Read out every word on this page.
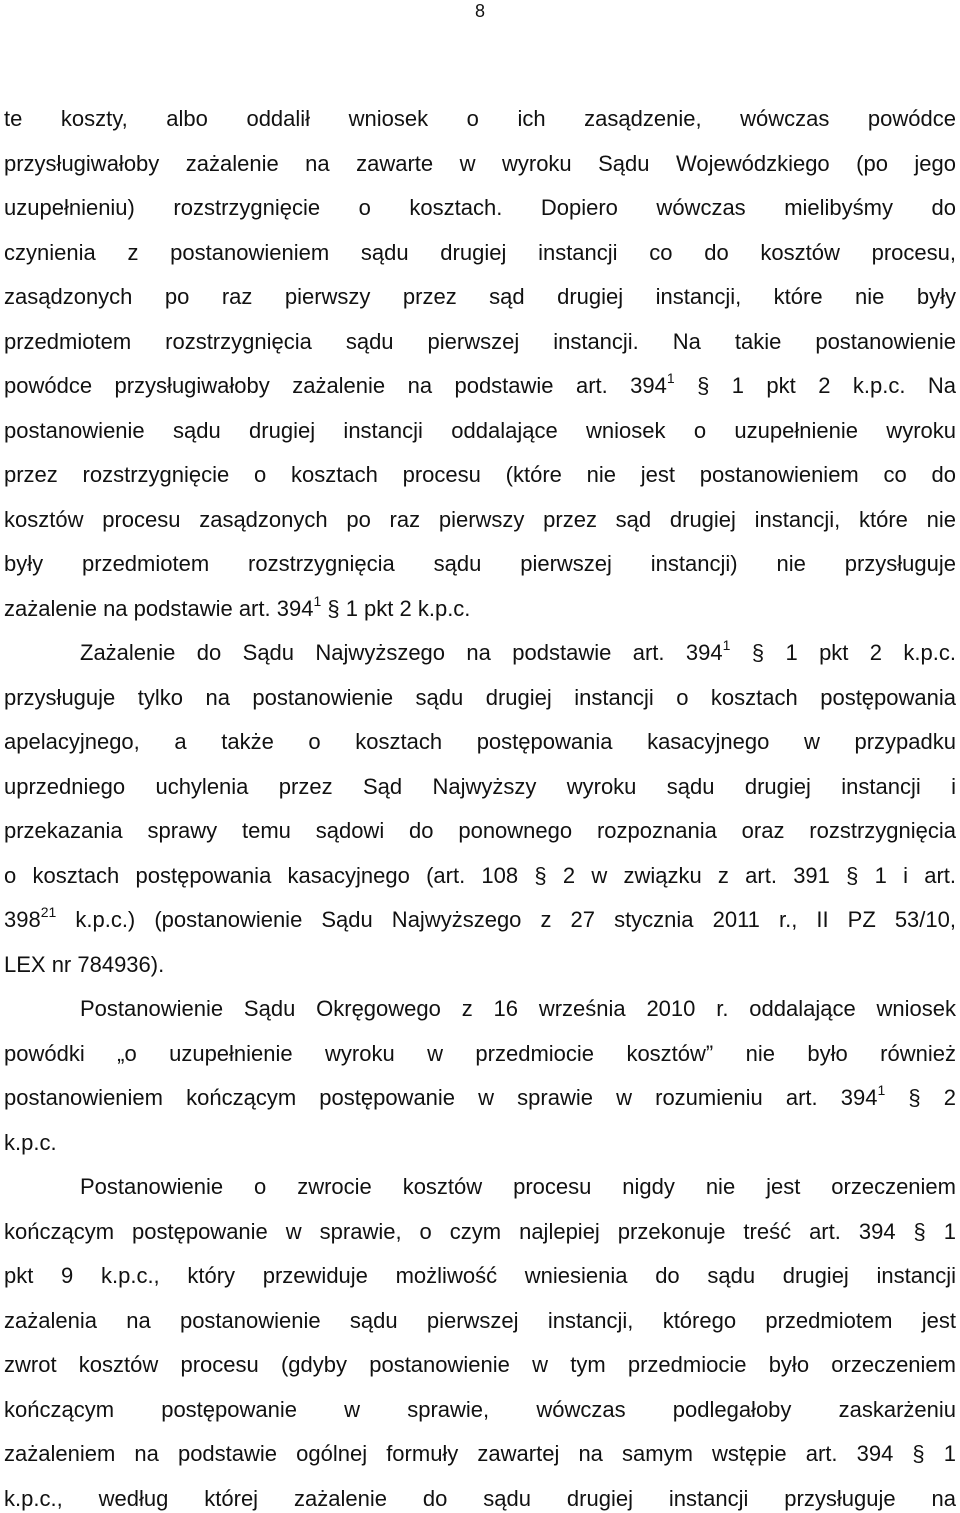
8
te koszty, albo oddalił wniosek o ich zasądzenie, wówczas powódce
przysługiwałoby zażalenie na zawarte w wyroku Sądu Wojewódzkiego (po jego
uzupełnieniu) rozstrzygnięcie o kosztach. Dopiero wówczas mielibyśmy do
czynienia z postanowieniem sądu drugiej instancji co do kosztów procesu,
zasądzonych po raz pierwszy przez sąd drugiej instancji, które nie były
przedmiotem rozstrzygnięcia sądu pierwszej instancji. Na takie postanowienie
powódce przysługiwałoby zażalenie na podstawie art. $394^1$ § 1 pkt 2 k.p.c. Na
postanowienie sądu drugiej instancji oddalające wniosek o uzupełnienie wyroku
przez rozstrzygnięcie o kosztach procesu (które nie jest postanowieniem co do
kosztów procesu zasądzonych po raz pierwszy przez sąd drugiej instancji, które nie
były przedmiotem rozstrzygnięcia sądu pierwszej instancji) nie przysługuje
zażalenie na podstawie art. $394^1$ § 1 pkt 2 k.p.c.
Zażalenie do Sądu Najwyższego na podstawie art. $394^1$ § 1 pkt 2 k.p.c.
przysługuje tylko na postanowienie sądu drugiej instancji o kosztach postępowania
apelacyjnego, a także o kosztach postępowania kasacyjnego w przypadku
uprzedniego uchylenia przez Sąd Najwyższy wyroku sądu drugiej instancji i
przekazania sprawy temu sądowi do ponownego rozpoznania oraz rozstrzygnięcia
o kosztach postępowania kasacyjnego (art. 108 § 2 w związku z art. 391 § 1 i art.
$398^{21}$ k.p.c.) (postanowienie Sądu Najwyższego z 27 stycznia 2011 r., II PZ 53/10,
LEX nr 784936).
Postanowienie Sądu Okręgowego z 16 września 2010 r. oddalające wniosek
powódki „o uzupełnienie wyroku w przedmiocie kosztów” nie było również
postanowieniem kończącym postępowanie w sprawie w rozumieniu art. $394^1$ § 2
k.p.c.
Postanowienie o zwrocie kosztów procesu nigdy nie jest orzeczeniem
kończącym postępowanie w sprawie, o czym najlepiej przekonuje treść art. 394 § 1
pkt 9 k.p.c., który przewiduje możliwość wniesienia do sądu drugiej instancji
zażalenia na postanowienie sądu pierwszej instancji, którego przedmiotem jest
zwrot kosztów procesu (gdyby postanowienie w tym przedmiocie było orzeczeniem
kończącym postępowanie w sprawie, wówczas podlegałoby zaskarżeniu
zażaleniem na podstawie ogólnej formuły zawartej na samym wstępie art. 394 § 1
k.p.c., według której zażalenie do sądu drugiej instancji przysługuje na
